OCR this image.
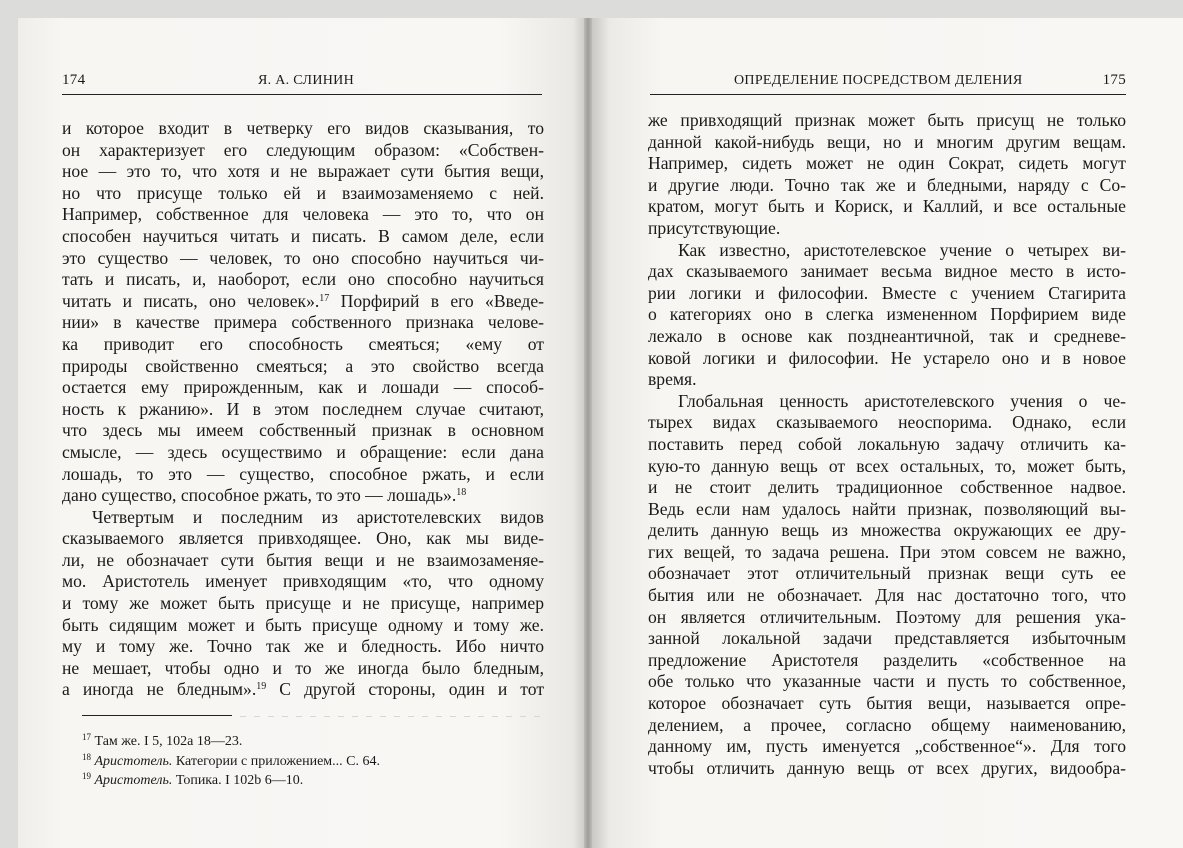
174	Я. А. СЛИНИН	ОПРЕДЕЛЕНИЕ ПОСРЕДСТВОМ ДЕЛЕНИЯ	175
и которое входит в четверку его видов сказывания, то
он характеризует его следующим образом: «Собствен-
ное — это то, что хотя и не выражает сути бытия вещи,
но что присуще только ей и взаимозаменяемо с ней.
Например, собственное для человека — это то, что он
способен научиться читать и писать. В самом деле, если
это существо — человек, то оно способно научиться чи-
тать и писать, и, наоборот, если оно способно научиться
читать и писать, оно человек».$^{17}$ Порфирий в его «Введе-
нии» в качестве примера собственного признака челове-
ка приводит его способность смеяться; «ему от
природы свойственно смеяться; а это свойство всегда
остается ему прирожденным, как и лошади — способ-
ность к ржанию». И в этом последнем случае считают,
что здесь мы имеем собственный признак в основном
смысле, — здесь осуществимо и обращение: если дана
лошадь, то это — существо, способное ржать, и если
дано существо, способное ржать, то это — лошадь».$^{18}$
Четвертым и последним из аристотелевских видов
сказываемого является привходящее. Оно, как мы виде-
ли, не обозначает сути бытия вещи и не взаимозаменяе-
мо. Аристотель именует привходящим «то, что одному
и тому же может быть присуще и не присуще, например
быть сидящим может и быть присуще одному и тому же.
му и тому же. Точно так же и бледность. Ибо ничто
не мешает, чтобы одно и то же иногда было бледным,
а иногда не бледным».$^{19}$ С другой стороны, один и тот
же привходящий признак может быть присущ не только
данной какой-нибудь вещи, но и многим другим вещам.
Например, сидеть может не один Сократ, сидеть могут
и другие люди. Точно так же и бледными, наряду с Со-
кратом, могут быть и Кориск, и Каллий, и все остальные
присутствующие.
Как известно, аристотелевское учение о четырех ви-
дах сказываемого занимает весьма видное место в исто-
рии логики и философии. Вместе с учением Стагирита
о категориях оно в слегка измененном Порфирием виде
лежало в основе как позднеантичной, так и средневе-
ковой логики и философии. Не устарело оно и в новое
время.
Глобальная ценность аристотелевского учения о че-
тырех видах сказываемого неоспорима. Однако, если
поставить перед собой локальную задачу отличить ка-
кую-то данную вещь от всех остальных, то, может быть,
и не стоит делить традиционное собственное надвое.
Ведь если нам удалось найти признак, позволяющий вы-
делить данную вещь из множества окружающих ее дру-
гих вещей, то задача решена. При этом совсем не важно,
обозначает этот отличительный признак вещи суть ее
бытия или не обозначает. Для нас достаточно того, что
он является отличительным. Поэтому для решения ука-
занной локальной задачи представляется избыточным
предложение Аристотеля разделить «собственное на
обе только что указанные части и пусть то собственное,
которое обозначает суть бытия вещи, называется опре-
делением, а прочее, согласно общему наименованию,
данному им, пусть именуется „собственное“». Для того
чтобы отличить данную вещь от всех других, видообра-
$^{17}$ Там же. I 5, 102a 18—23.
$^{18}$ Аристотель. Категории с приложением... С. 64.
$^{19}$ Аристотель. Топика. I 102b 6—10.
